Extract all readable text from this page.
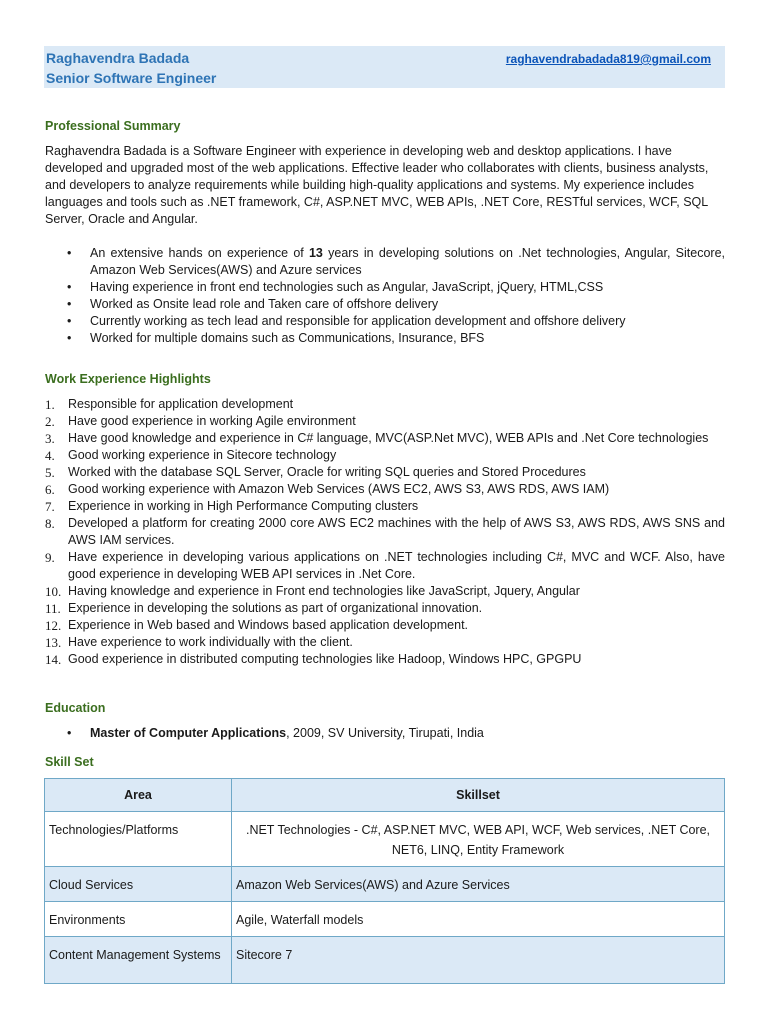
Raghavendra Badada
Senior Software Engineer
raghavendrabadada819@gmail.com
Professional Summary

Raghavendra Badada is a Software Engineer with experience in developing web and desktop applications. I have developed and upgraded most of the web applications. Effective leader who collaborates with clients, business analysts, and developers to analyze requirements while building high-quality applications and systems. My experience includes languages and tools such as .NET framework, C#, ASP.NET MVC, WEB APIs, .NET Core, RESTful services, WCF, SQL Server, Oracle and Angular.

• An extensive hands on experience of 13 years in developing solutions on .Net technologies, Angular, Sitecore, Amazon Web Services(AWS) and Azure services
• Having experience in front end technologies such as Angular, JavaScript, jQuery, HTML,CSS
• Worked as Onsite lead role and Taken care of offshore delivery
• Currently working as tech lead and responsible for application development and offshore delivery
• Worked for multiple domains such as Communications, Insurance, BFS
Work Experience Highlights
1. Responsible for application development
2. Have good experience in working Agile environment
3. Have good knowledge and experience in C# language, MVC(ASP.Net MVC), WEB APIs and .Net Core technologies
4. Good working experience in Sitecore technology
5. Worked with the database SQL Server, Oracle for writing SQL queries and Stored Procedures
6. Good working experience with Amazon Web Services (AWS EC2, AWS S3, AWS RDS, AWS IAM)
7. Experience in working in High Performance Computing clusters
8. Developed a platform for creating 2000 core AWS EC2 machines with the help of AWS S3, AWS RDS, AWS SNS and AWS IAM services.
9. Have experience in developing various applications on .NET technologies including C#, MVC and WCF. Also, have good experience in developing WEB API services in .Net Core.
10. Having knowledge and experience in Front end technologies like JavaScript, Jquery, Angular
11. Experience in developing the solutions as part of organizational innovation.
12. Experience in Web based and Windows based application development.
13. Have experience to work individually with the client.
14. Good experience in distributed computing technologies like Hadoop, Windows HPC, GPGPU
Education
• Master of Computer Applications, 2009, SV University, Tirupati, India
Skill Set
Area	Skillset
Technologies/Platforms	.NET Technologies - C#, ASP.NET MVC, WEB API, WCF, Web services, .NET Core, NET6, LINQ, Entity Framework
Cloud Services	Amazon Web Services(AWS) and Azure Services
Environments	Agile, Waterfall models
Content Management Systems	Sitecore 7
